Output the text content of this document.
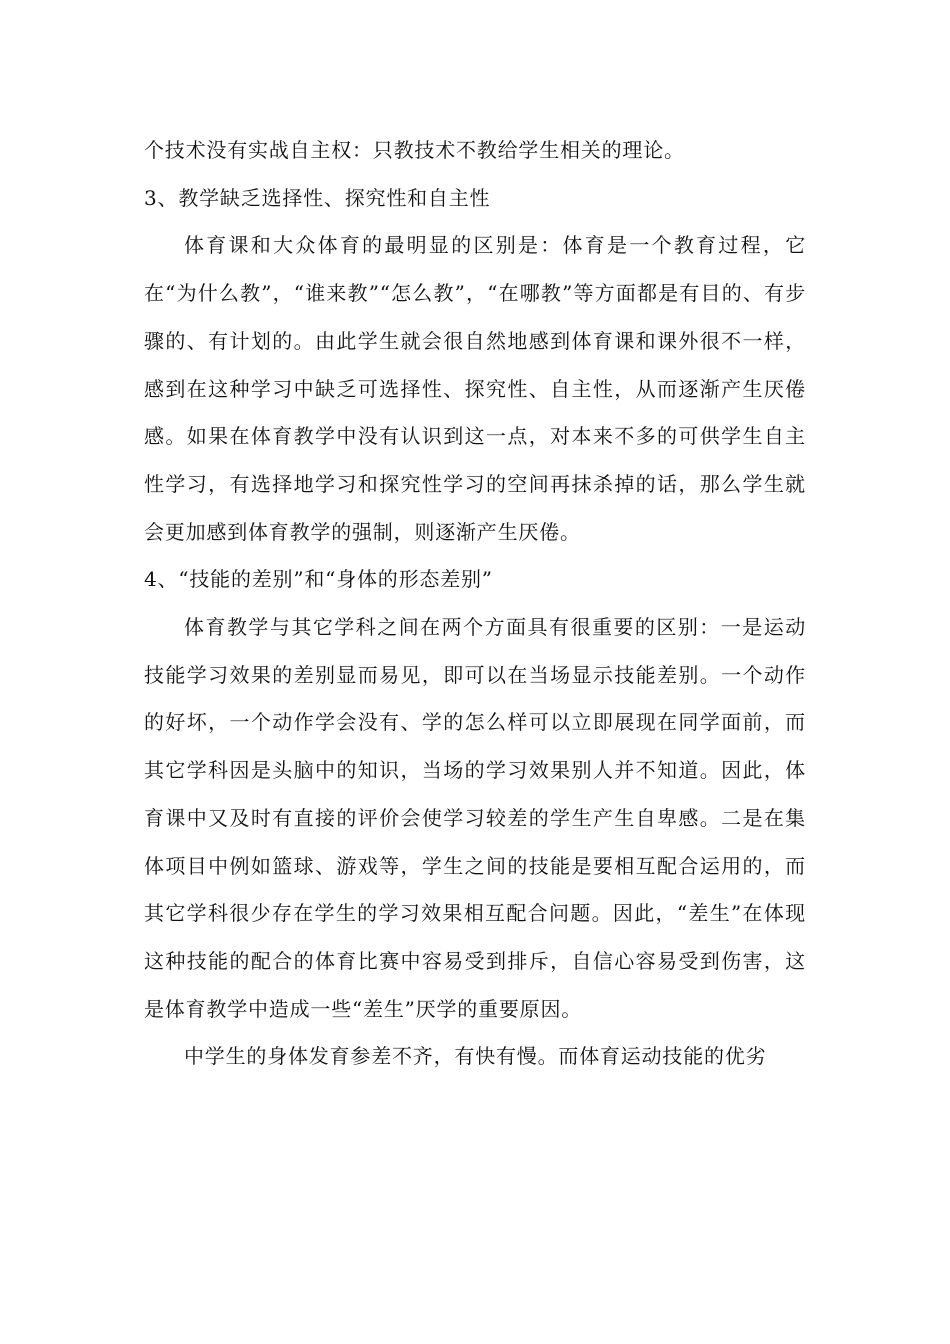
个技术没有实战自主权：只教技术不教给学生相关的理论。

3、教学缺乏选择性、探究性和自主性

体育课和大众体育的最明显的区别是：体育是一个教育过程，它在“为什么教”，“谁来教”“怎么教”，“在哪教”等方面都是有目的、有步骤的、有计划的。由此学生就会很自然地感到体育课和课外很不一样，感到在这种学习中缺乏可选择性、探究性、自主性，从而逐渐产生厌倦感。如果在体育教学中没有认识到这一点，对本来不多的可供学生自主性学习，有选择地学习和探究性学习的空间再抹杀掉的话，那么学生就会更加感到体育教学的强制，则逐渐产生厌倦。

4、“技能的差别”和“身体的形态差别”

体育教学与其它学科之间在两个方面具有很重要的区别：一是运动技能学习效果的差别显而易见，即可以在当场显示技能差别。一个动作的好坏，一个动作学会没有、学的怎么样可以立即展现在同学面前，而其它学科因是头脑中的知识，当场的学习效果别人并不知道。因此，体育课中又及时有直接的评价会使学习较差的学生产生自卑感。二是在集体项目中例如篮球、游戏等，学生之间的技能是要相互配合运用的，而其它学科很少存在学生的学习效果相互配合问题。因此，“差生”在体现这种技能的配合的体育比赛中容易受到排斥，自信心容易受到伤害，这是体育教学中造成一些“差生”厌学的重要原因。

中学生的身体发育参差不齐，有快有慢。而体育运动技能的优劣
